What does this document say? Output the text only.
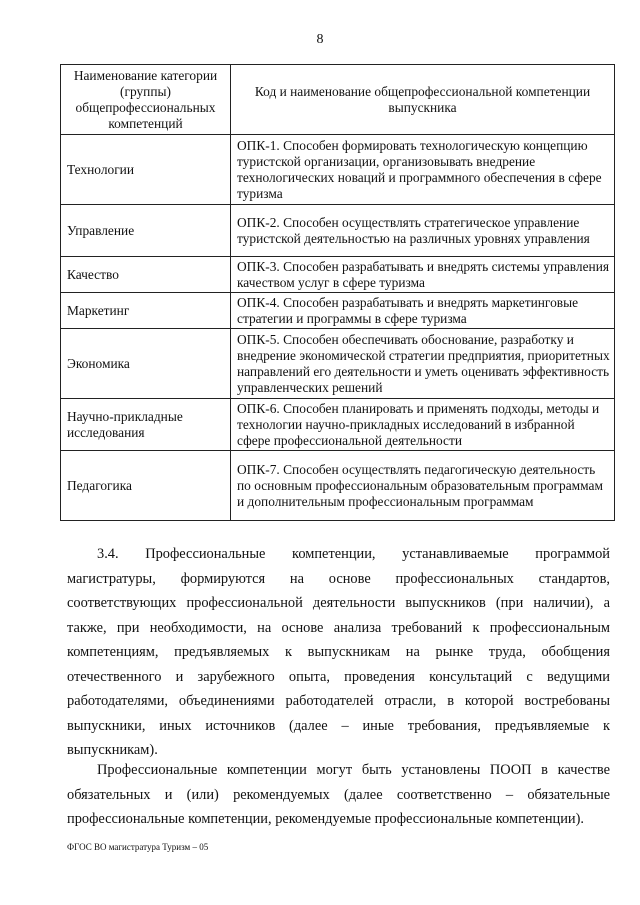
8
Наименование категории (группы) общепрофессиональных компетенций	Код и наименование общепрофессиональной компетенции выпускника
Технологии	ОПК-1. Способен формировать технологическую концепцию туристской организации, организовывать внедрение технологических новаций и программного обеспечения в сфере туризма
Управление	ОПК-2. Способен осуществлять стратегическое управление туристской деятельностью на различных уровнях управления
Качество	ОПК-3. Способен разрабатывать и внедрять системы управления качеством услуг в сфере туризма
Маркетинг	ОПК-4. Способен разрабатывать и внедрять маркетинговые стратегии и программы в сфере туризма
Экономика	ОПК-5. Способен обеспечивать обоснование, разработку и внедрение экономической стратегии предприятия, приоритетных направлений его деятельности и уметь оценивать эффективность управленческих решений
Научно-прикладные исследования	ОПК-6. Способен планировать и применять подходы, методы и технологии научно-прикладных исследований в избранной сфере профессиональной деятельности
Педагогика	ОПК-7. Способен осуществлять педагогическую деятельность по основным профессиональным образовательным программам и дополнительным профессиональным программам

3.4. Профессиональные компетенции, устанавливаемые программой магистратуры, формируются на основе профессиональных стандартов, соответствующих профессиональной деятельности выпускников (при наличии), а также, при необходимости, на основе анализа требований к профессиональным компетенциям, предъявляемых к выпускникам на рынке труда, обобщения отечественного и зарубежного опыта, проведения консультаций с ведущими работодателями, объединениями работодателей отрасли, в которой востребованы выпускники, иных источников (далее – иные требования, предъявляемые к выпускникам).

Профессиональные компетенции могут быть установлены ПООП в качестве обязательных и (или) рекомендуемых (далее соответственно – обязательные профессиональные компетенции, рекомендуемые профессиональные компетенции).

ФГОС ВО магистратура Туризм – 05
